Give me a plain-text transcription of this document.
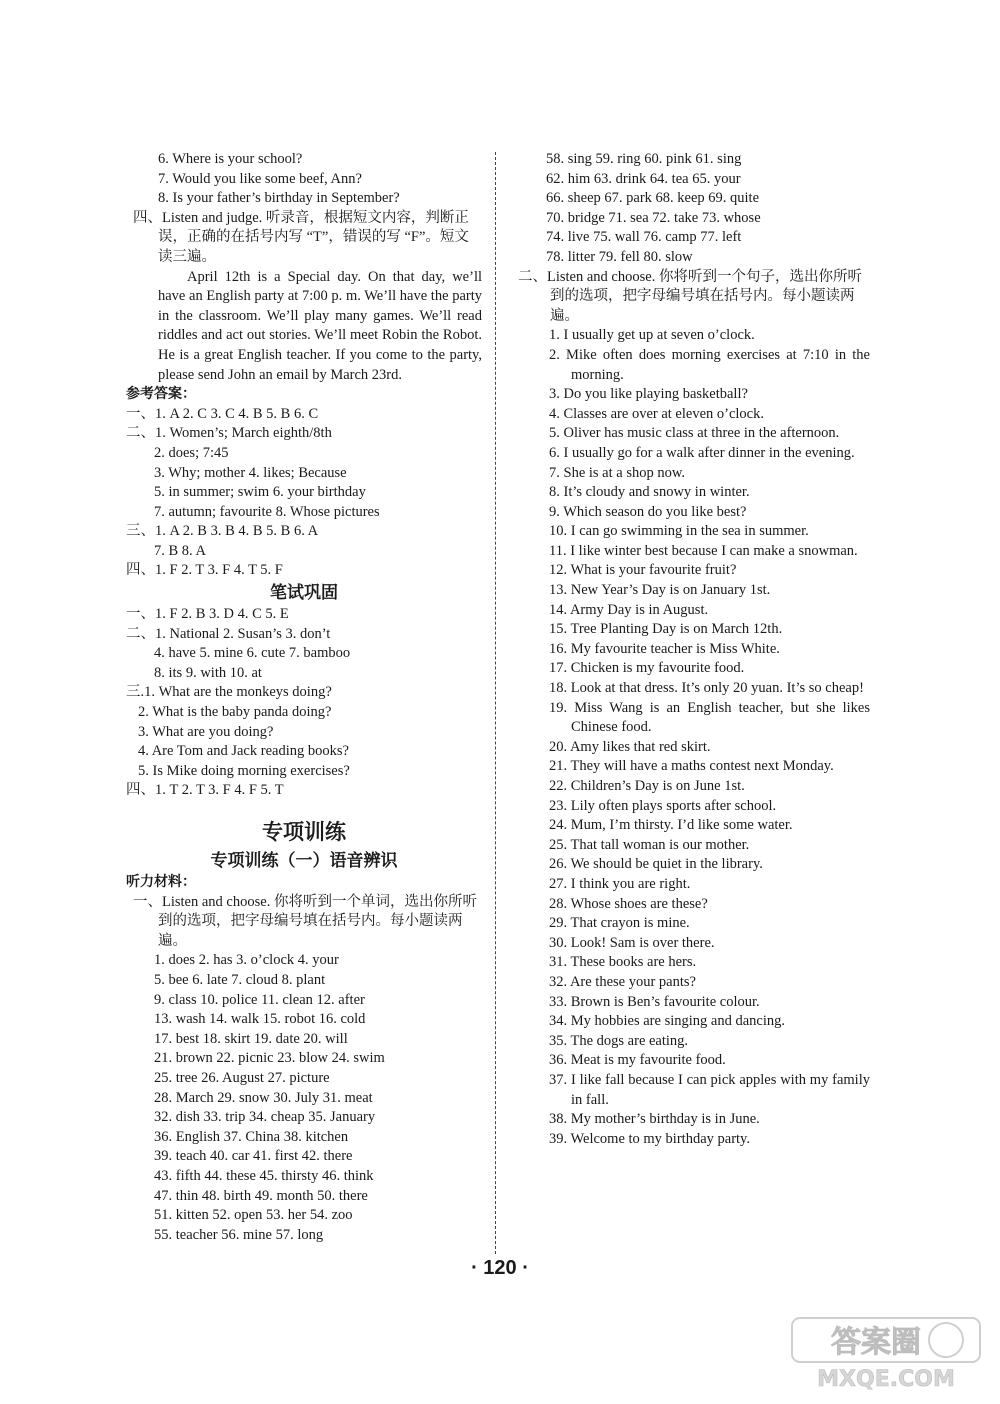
6. Where is your school?
7. Would you like some beef, Ann?
8. Is your father’s birthday in September?
四、Listen and judge. 听录音，根据短文内容，判断正误，正确的在括号内写 “T”，错误的写 “F”。短文读三遍。
April 12th is a Special day. On that day, we’ll have an English party at 7:00 p. m. We’ll have the party in the classroom. We’ll play many games. We’ll read riddles and act out stories. We’ll meet Robin the Robot. He is a great English teacher. If you come to the party, please send John an email by March 23rd.
参考答案：
一、1. A 2. C 3. C 4. B 5. B 6. C
二、1. Women’s; March eighth/8th
2. does; 7:45
3. Why; mother 4. likes; Because
5. in summer; swim 6. your birthday
7. autumn; favourite 8. Whose pictures
三、1. A 2. B 3. B 4. B 5. B 6. A
7. B 8. A
四、1. F 2. T 3. F 4. T 5. F
笔试巩固
一、1. F 2. B 3. D 4. C 5. E
二、1. National 2. Susan’s 3. don’t
4. have 5. mine 6. cute 7. bamboo
8. its 9. with 10. at
三.1. What are the monkeys doing?
2. What is the baby panda doing?
3. What are you doing?
4. Are Tom and Jack reading books?
5. Is Mike doing morning exercises?
四、1. T 2. T 3. F 4. F 5. T
专项训练
专项训练（一）语音辨识
听力材料：
一、Listen and choose. 你将听到一个单词，选出你所听到的选项，把字母编号填在括号内。每小题读两遍。
1. does 2. has 3. o’clock 4. your
5. bee 6. late 7. cloud 8. plant
9. class 10. police 11. clean 12. after
13. wash 14. walk 15. robot 16. cold
17. best 18. skirt 19. date 20. will
21. brown 22. picnic 23. blow 24. swim
25. tree 26. August 27. picture
28. March 29. snow 30. July 31. meat
32. dish 33. trip 34. cheap 35. January
36. English 37. China 38. kitchen
39. teach 40. car 41. first 42. there
43. fifth 44. these 45. thirsty 46. think
47. thin 48. birth 49. month 50. there
51. kitten 52. open 53. her 54. zoo
55. teacher 56. mine 57. long
58. sing 59. ring 60. pink 61. sing
62. him 63. drink 64. tea 65. your
66. sheep 67. park 68. keep 69. quite
70. bridge 71. sea 72. take 73. whose
74. live 75. wall 76. camp 77. left
78. litter 79. fell 80. slow
二、Listen and choose. 你将听到一个句子，选出你所听到的选项，把字母编号填在括号内。每小题读两遍。
1. I usually get up at seven o’clock.
2. Mike often does morning exercises at 7:10 in the morning.
3. Do you like playing basketball?
4. Classes are over at eleven o’clock.
5. Oliver has music class at three in the afternoon.
6. I usually go for a walk after dinner in the evening.
7. She is at a shop now.
8. It’s cloudy and snowy in winter.
9. Which season do you like best?
10. I can go swimming in the sea in summer.
11. I like winter best because I can make a snowman.
12. What is your favourite fruit?
13. New Year’s Day is on January 1st.
14. Army Day is in August.
15. Tree Planting Day is on March 12th.
16. My favourite teacher is Miss White.
17. Chicken is my favourite food.
18. Look at that dress. It’s only 20 yuan. It’s so cheap!
19. Miss Wang is an English teacher, but she likes Chinese food.
20. Amy likes that red skirt.
21. They will have a maths contest next Monday.
22. Children’s Day is on June 1st.
23. Lily often plays sports after school.
24. Mum, I’m thirsty. I’d like some water.
25. That tall woman is our mother.
26. We should be quiet in the library.
27. I think you are right.
28. Whose shoes are these?
29. That crayon is mine.
30. Look! Sam is over there.
31. These books are hers.
32. Are these your pants?
33. Brown is Ben’s favourite colour.
34. My hobbies are singing and dancing.
35. The dogs are eating.
36. Meat is my favourite food.
37. I like fall because I can pick apples with my family in fall.
38. My mother’s birthday is in June.
39. Welcome to my birthday party.
· 120 ·
答案圈
MXQE.COM
